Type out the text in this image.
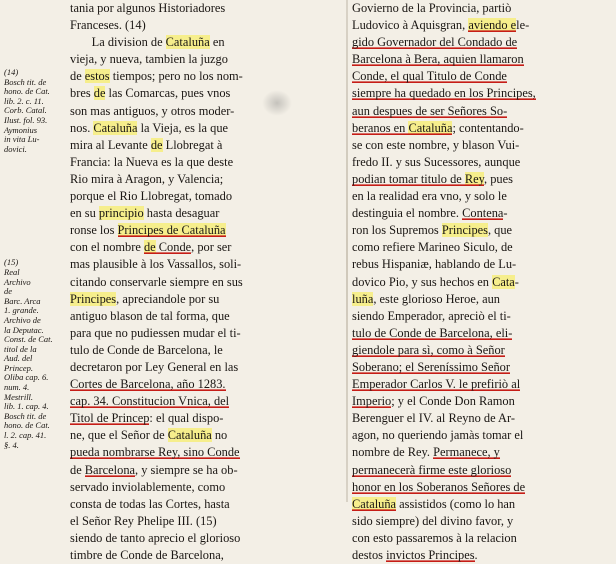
(14)
Bosch tit. de
hono. de Cat.
lib. 2. c. 11.
Corb. Catal.
Ilust. fol. 93.
Aymonius
in vita Lu-
dovici.
(15)
Real
Archivo
de
Barc. Arca
1. grande.
Archivo de
la Deputac.
Const. de Cat.
titol de la
Aud. del
Princep.
Oliba cap. 6.
num. 4.
Mestrill.
lib. 1. cap. 4.
Bosch tit. de
hono. de Cat.
l. 2. cap. 41.
§. 4.
tania por algunos Historiadores
Franceses. (14)
La division de Cataluña en
vieja, y nueva, tambien la juzgo
de estos tiempos; pero no los nom-
bres de las Comarcas, pues vnos
son mas antiguos, y otros moder-
nos. Cataluña la Vieja, es la que
mira al Levante de Llobregat à
Francia: la Nueva es la que deste
Rio mira à Aragon, y Valencia;
porque el Rio Llobregat, tomado
en su principio hasta desaguar
ronse los Principes de Cataluña
con el nombre de Conde, por ser
mas plausible à los Vassallos, soli-
citando conservarle siempre en sus
Principes, apreciandole por su
antiguo blason de tal forma, que
para que no pudiessen mudar el ti-
tulo de Conde de Barcelona, le
decretaron por Ley General en las
Cortes de Barcelona, año 1283.
cap. 34. Constitucion Vnica, del
Titol de Princep: el qual dispo-
ne, que el Señor de Cataluña no
pueda nombrarse Rey, sino Conde
de Barcelona, y siempre se ha ob-
servado inviolablemente, como
consta de todas las Cortes, hasta
el Señor Rey Phelipe III. (15)
siendo de tanto aprecio el glorioso
timbre de Conde de Barcelona,
Govierno de la Provincia, partiò
Ludovico à Aquisgran, aviendo ele-
gido Governador del Condado de
Barcelona à Bera, aquien llamaron
Conde, el qual Titulo de Conde
siempre ha quedado en los Principes,
aun despues de ser Señores So-
beranos en Cataluña; contentando-
se con este nombre, y blason Vui-
fredo II. y sus Sucessores, aunque
podian tomar titulo de Rey, pues
en la realidad era vno, y solo le
destinguia el nombre. Contena-
ron los Supremos Principes, que
como refiere Marineo Siculo, de
rebus Hispaniæ, hablando de Lu-
dovico Pio, y sus hechos en Cata-
luña, este glorioso Heroe, aun
siendo Emperador, apreciò el ti-
tulo de Conde de Barcelona, eli-
giendole para sì, como à Señor
Soberano; el Sereníssimo Señor
Emperador Carlos V. le prefiriò al
Imperio; y el Conde Don Ramon
Berenguer el IV. al Reyno de Ar-
agon, no queriendo jamàs tomar el
nombre de Rey. Permanece, y
permanecerà firme este glorioso
honor en los Soberanos Señores de
Cataluña assistidos (como lo han
sido siempre) del divino favor, y
con esto passaremos à la relacion
destos invictos Principes.
